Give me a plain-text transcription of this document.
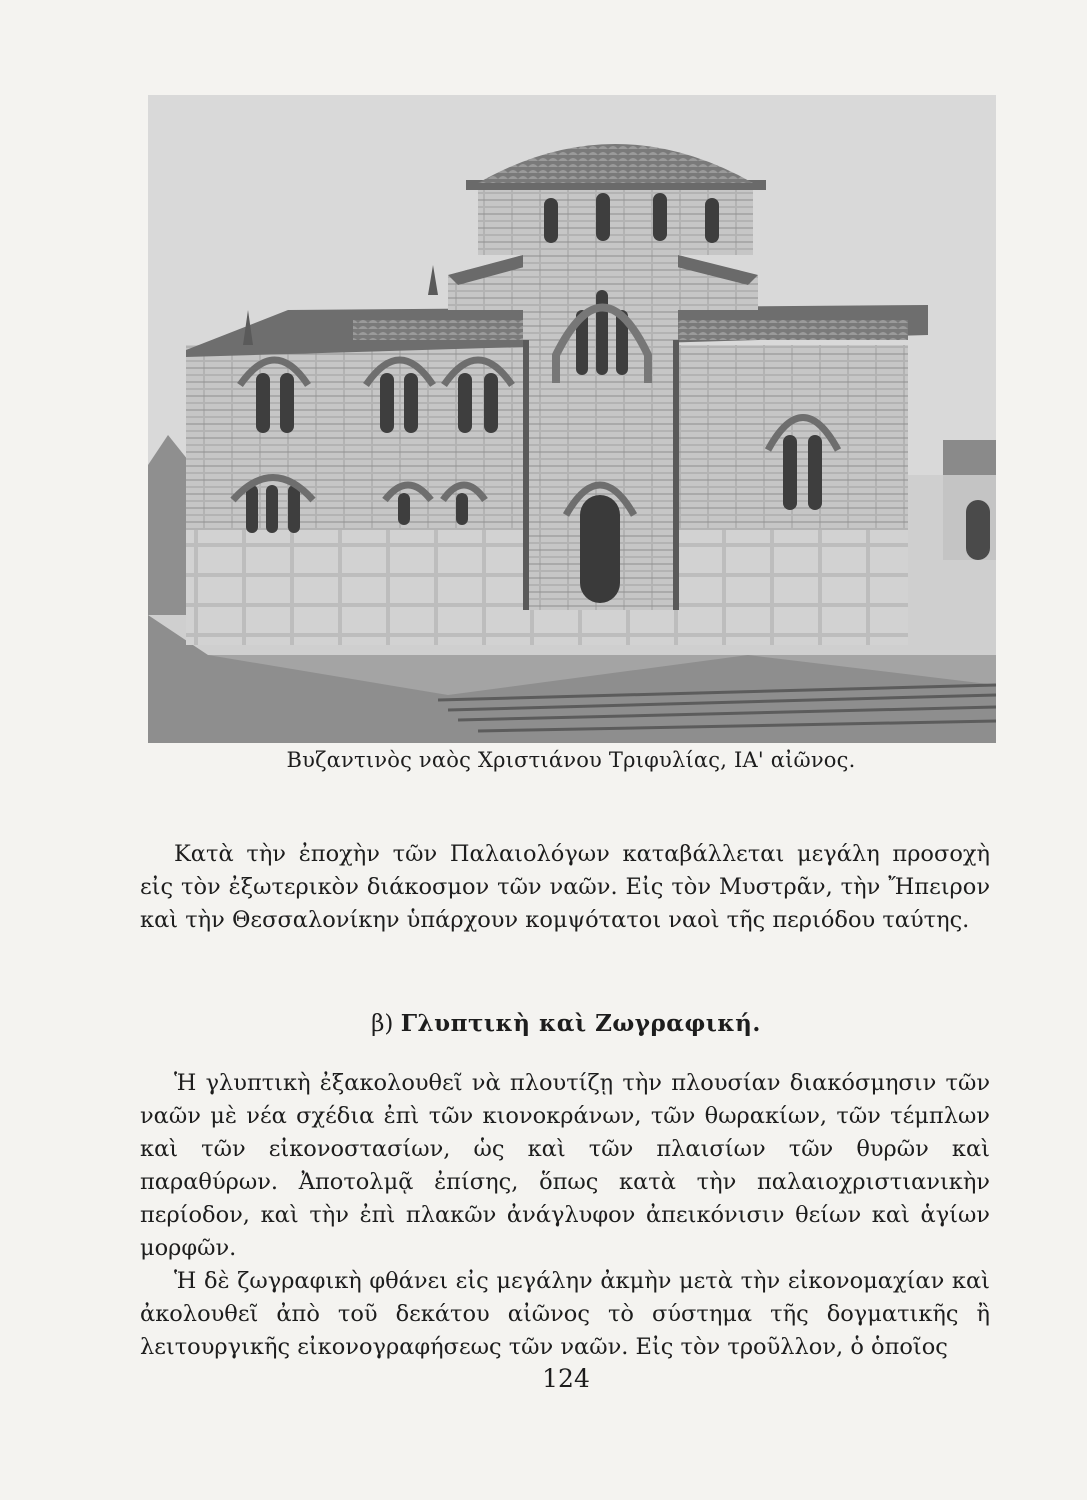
Βυζαντινὸς ναὸς Χριστιάνου Τριφυλίας, ΙΑ' αἰῶνος.

Κατὰ τὴν ἐποχὴν τῶν Παλαιολόγων καταβάλλεται μεγάλη προσοχὴ εἰς τὸν ἐξωτερικὸν διάκοσμον τῶν ναῶν. Εἰς τὸν Μυστρᾶν, τὴν Ἤπειρον καὶ τὴν Θεσσαλονίκην ὑπάρχουν κομψότατοι ναοὶ τῆς περιόδου ταύτης.

β) Γλυπτικὴ καὶ Ζωγραφική.

Ἡ γλυπτικὴ ἐξακολουθεῖ νὰ πλουτίζῃ τὴν πλουσίαν διακόσμησιν τῶν ναῶν μὲ νέα σχέδια ἐπὶ τῶν κιονοκράνων, τῶν θωρακίων, τῶν τέμπλων καὶ τῶν εἰκονοστασίων, ὡς καὶ τῶν πλαισίων τῶν θυρῶν καὶ παραθύρων. Ἀποτολμᾷ ἐπίσης, ὅπως κατὰ τὴν παλαιοχριστιανικὴν περίοδον, καὶ τὴν ἐπὶ πλακῶν ἀνάγλυφον ἀπεικόνισιν θείων καὶ ἁγίων μορφῶν.

Ἡ δὲ ζωγραφικὴ φθάνει εἰς μεγάλην ἀκμὴν μετὰ τὴν εἰκονομαχίαν καὶ ἀκολουθεῖ ἀπὸ τοῦ δεκάτου αἰῶνος τὸ σύστημα τῆς δογματικῆς ἢ λειτουργικῆς εἰκονογραφήσεως τῶν ναῶν. Εἰς τὸν τροῦλλον, ὁ ὁποῖος

124
